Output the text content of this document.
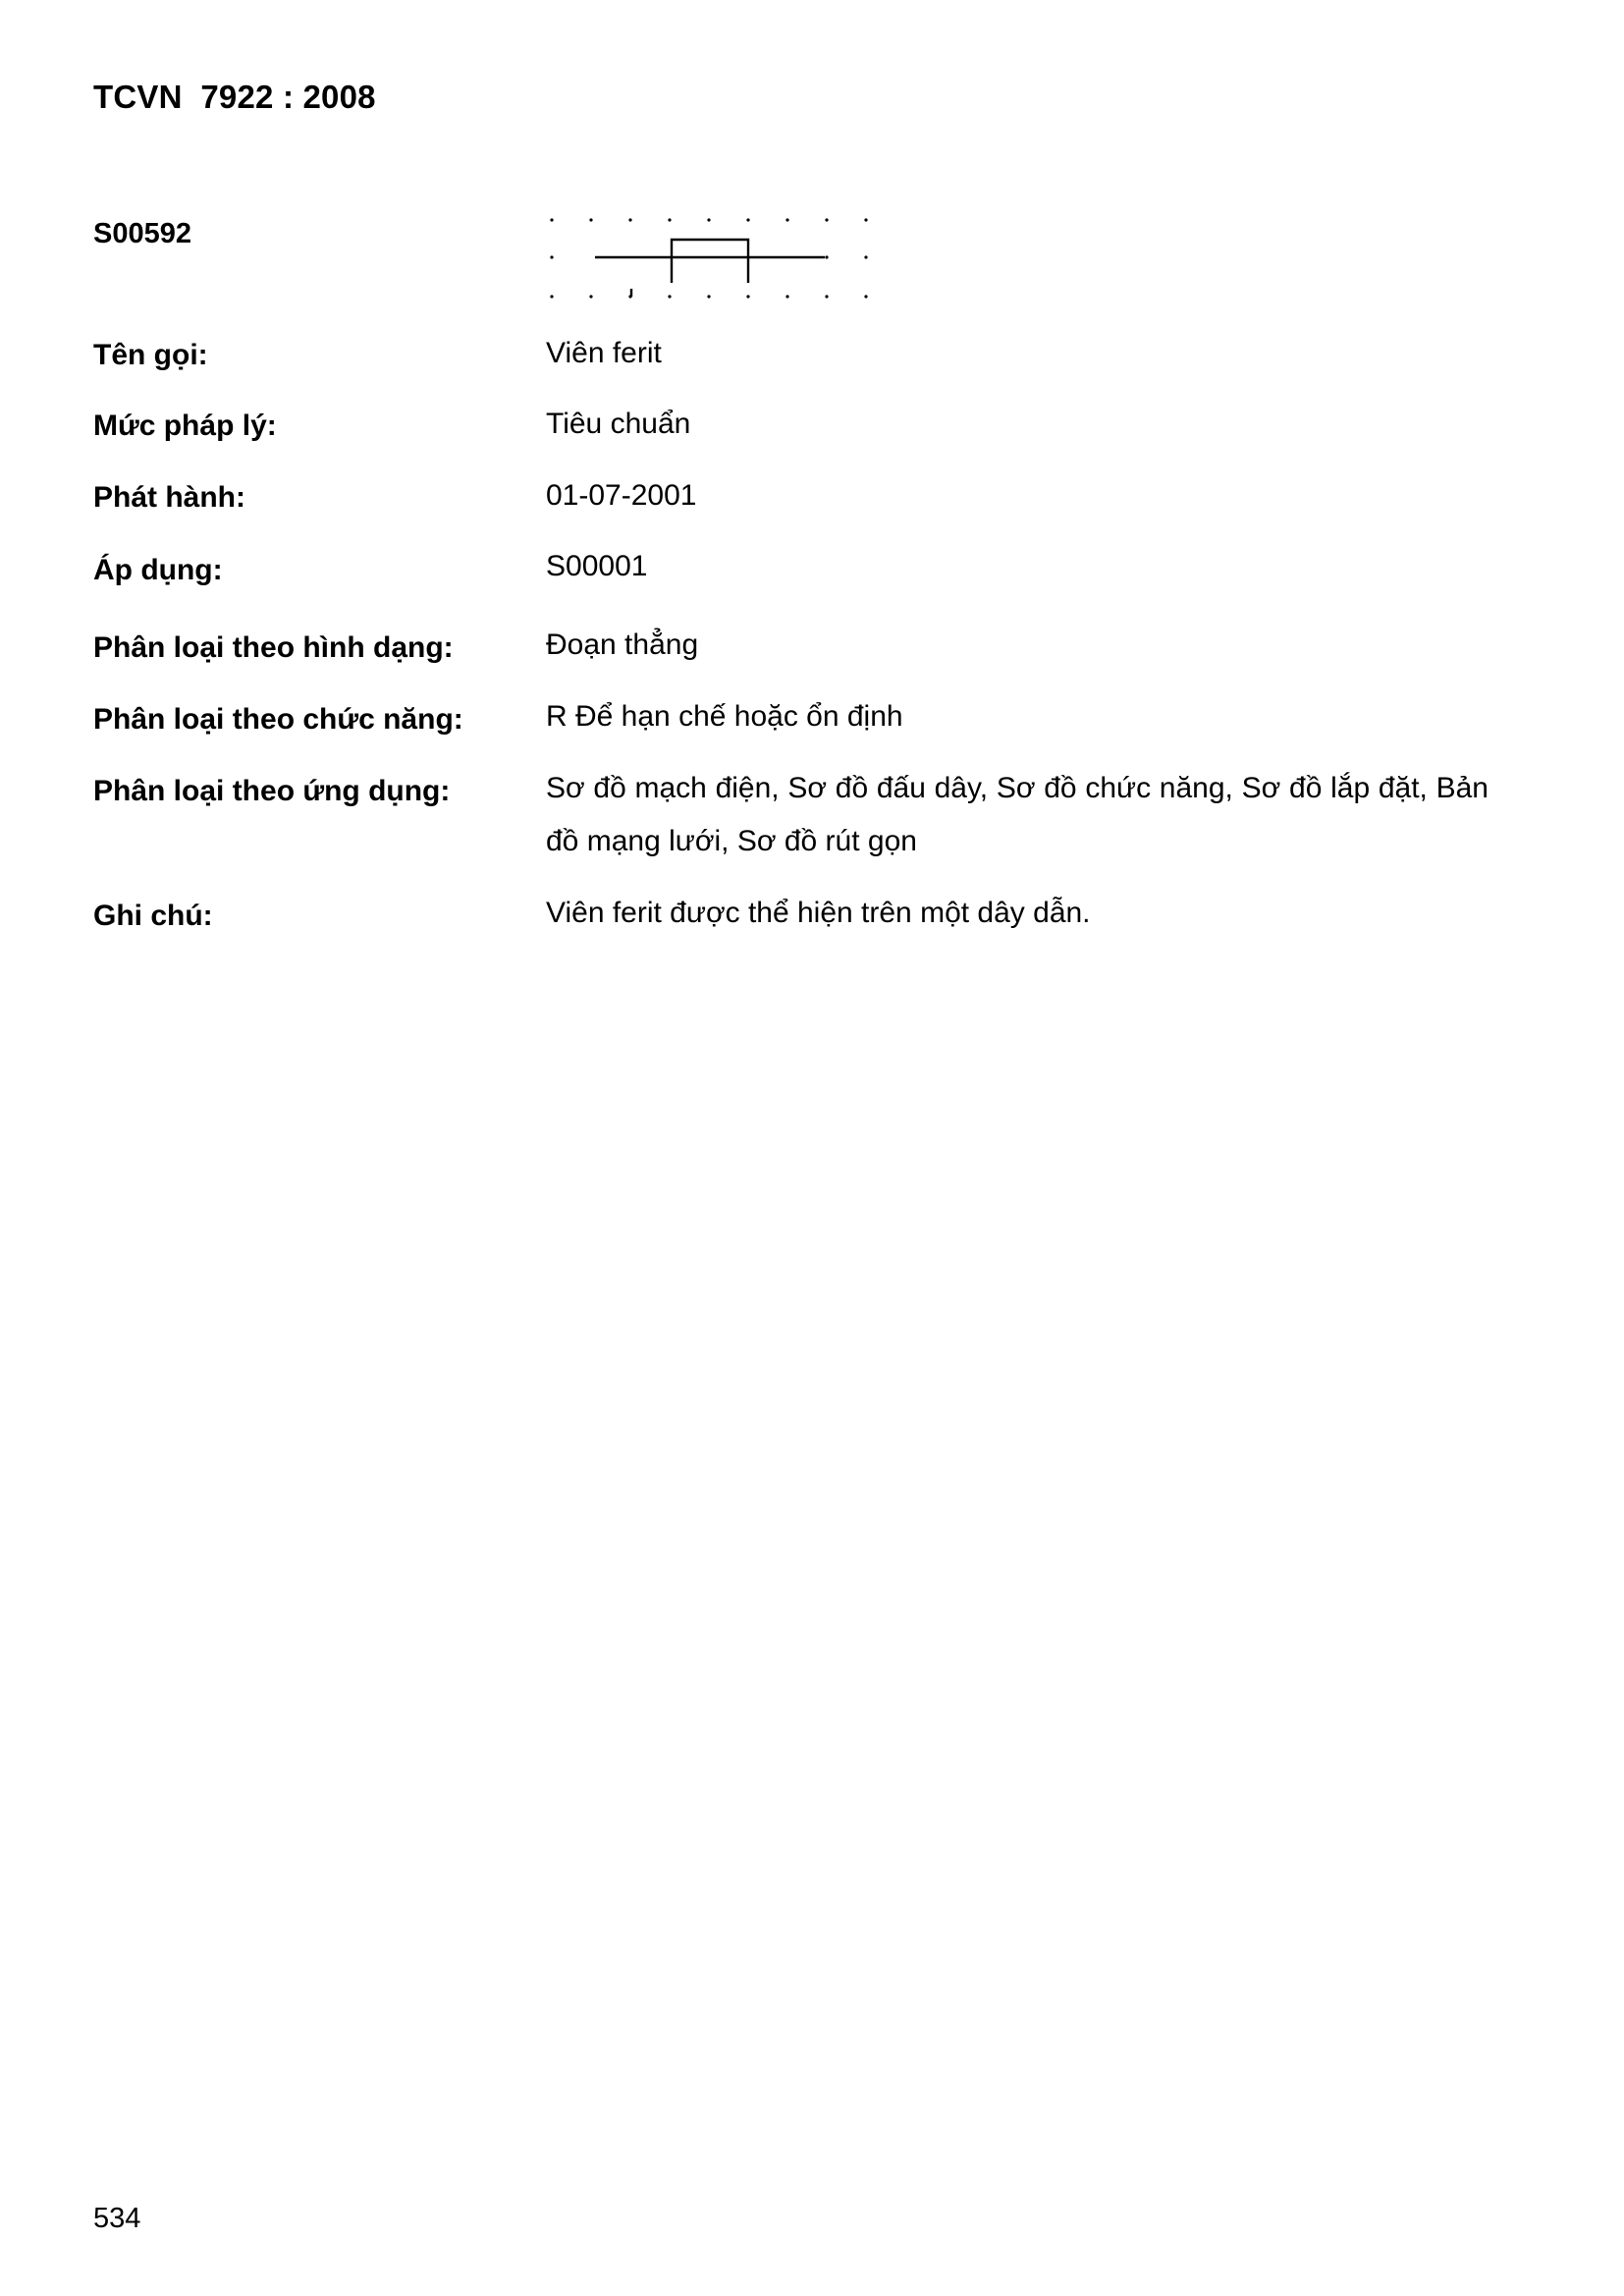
TCVN  7922 : 2008
S00592
Tên gọi:	Viên ferit
Mức pháp lý:	Tiêu chuẩn
Phát hành:	01-07-2001
Áp dụng:	S00001
Phân loại theo hình dạng:	Đoạn thẳng
Phân loại theo chức năng:	R Để hạn chế hoặc ổn định
Phân loại theo ứng dụng:	Sơ đồ mạch điện, Sơ đồ đấu dây, Sơ đồ chức năng, Sơ đồ lắp đặt, Bản đồ mạng lưới, Sơ đồ rút gọn
Ghi chú:	Viên ferit được thể hiện trên một dây dẫn.
534
